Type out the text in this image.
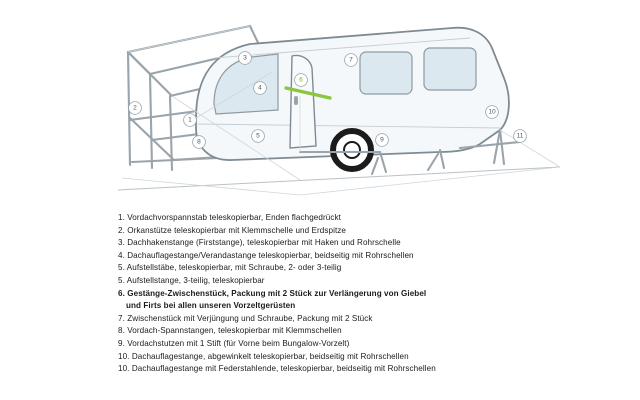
1
2
3
4
5
6
7
8	9
10
11
1. Vordachvorspannstab teleskopierbar, Enden flachgedrückt
2. Orkanstütze teleskopierbar mit Klemmschelle und Erdspitze
3. Dachhakenstange (Firststange), teleskopierbar mit Haken und Rohrschelle
4. Dachauflagestange/Verandastange teleskopierbar, beidseitig mit Rohrschellen
5. Aufstellstäbe, teleskopierbar, mit Schraube, 2- oder 3-teilig
5. Aufstellstange, 3-teilig, teleskopierbar
6. Gestänge-Zwischenstück, Packung mit 2 Stück zur Verlängerung von Giebel
und Firts bei allen unseren Vorzeltgerüsten
7. Zwischenstück mit Verjüngung und Schraube, Packung mit 2 Stück
8. Vordach-Spannstangen, teleskopierbar mit Klemmschellen
9. Vordachstutzen mit 1 Stift (für Vorne beim Bungalow-Vorzelt)
10. Dachauflagestange, abgewinkelt teleskopierbar, beidseitig mit Rohrschellen
10. Dachauflagestange mit Federstahlende, teleskopierbar, beidseitig mit Rohrschellen
